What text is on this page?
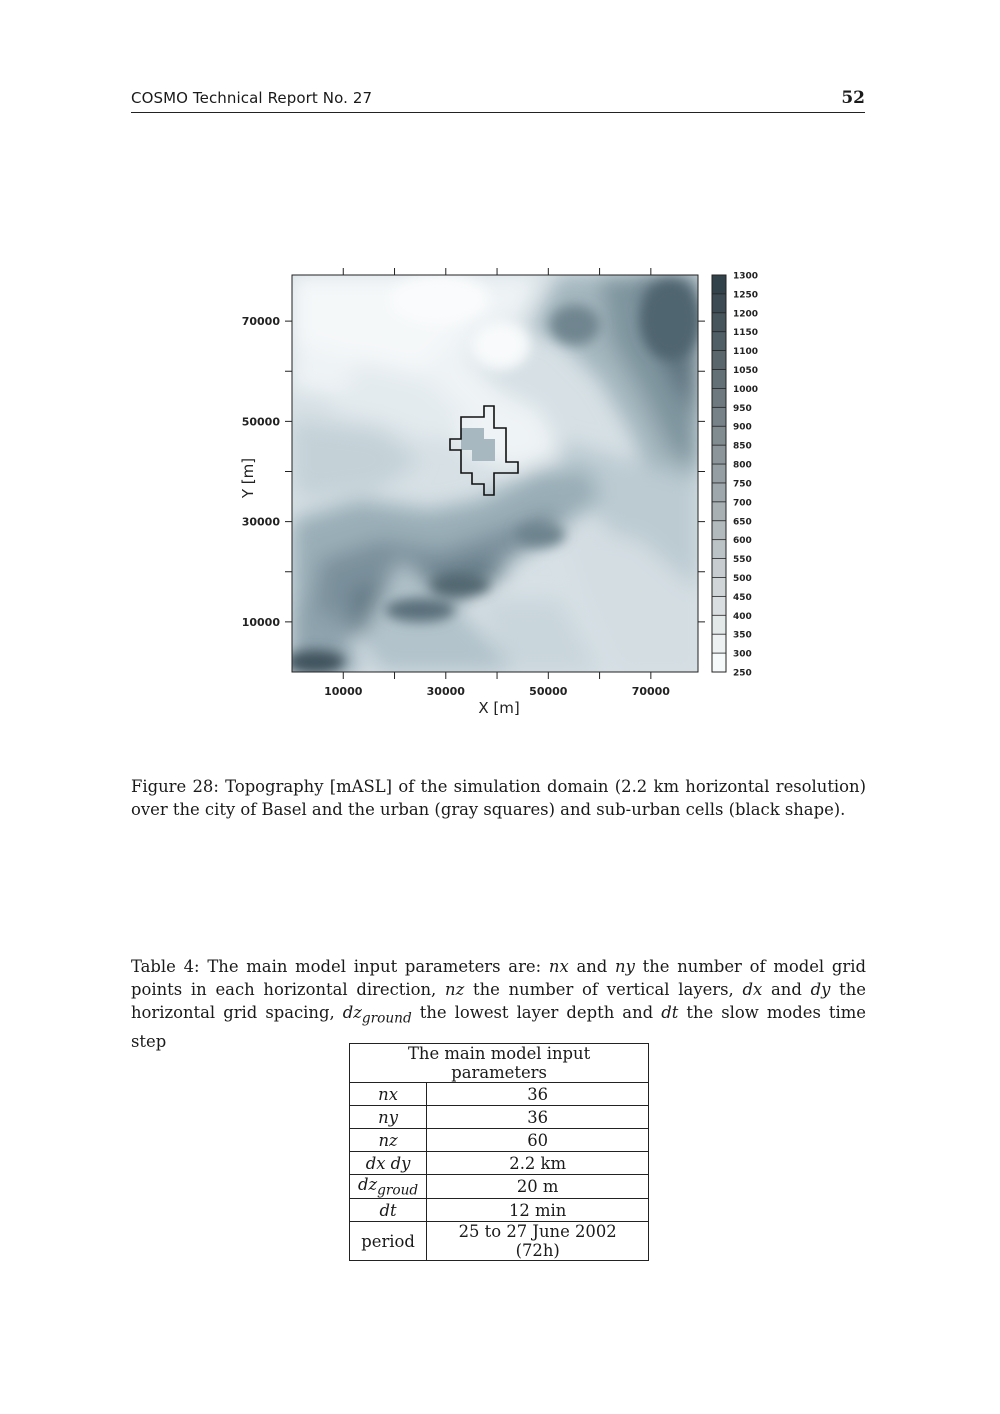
COSMO Technical Report No. 27	52
10000	30000	50000	70000
10000
30000
50000
70000
1300
1250
1200
1150
1100
1050
1000
950
900
850
800
750
700
650
600
550
500
450
400
350
300
250
X [m]
Y [m]

Figure 28: Topography [mASL] of the simulation domain (2.2 km horizontal resolution) over the city of Basel and the urban (gray squares) and sub-urban cells (black shape).

Table 4: The main model input parameters are: nx and ny the number of model grid points in each horizontal direction, nz the number of vertical layers, dx and dy the horizontal grid spacing, $dz_{ground}$ the lowest layer depth and dt the slow modes time step

The main model input parameters	
nx	36
ny	36
nz	60
dx dy	2.2 km
$dz_{groud}$	20 m
dt	12 min
period	25 to 27 June 2002 (72h)
